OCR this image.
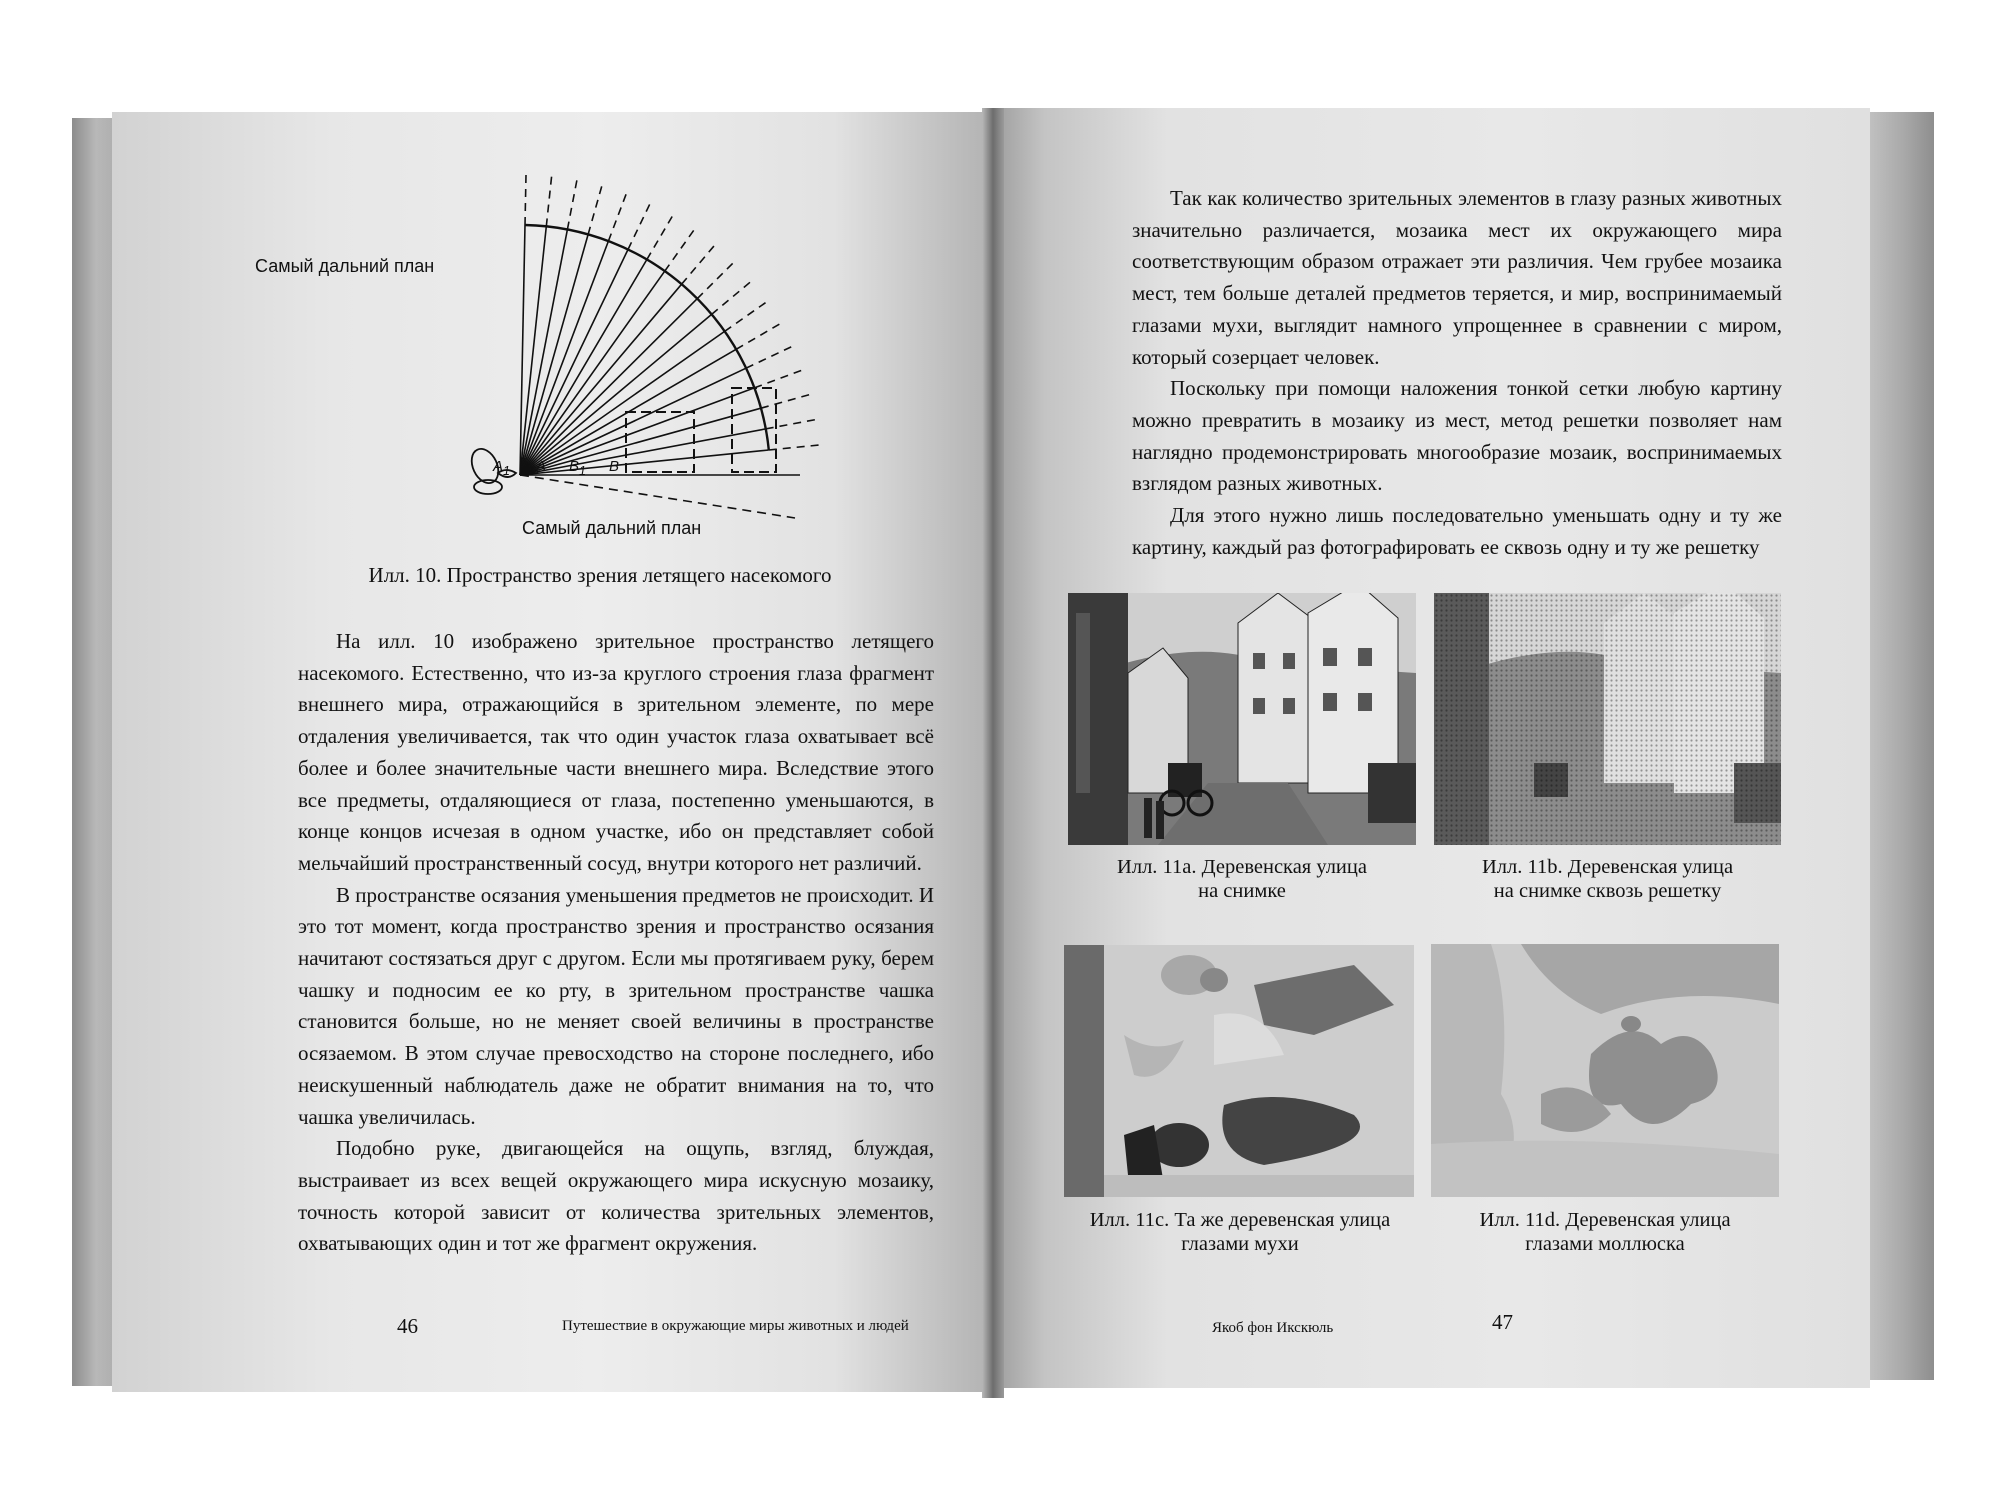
$A_1$ A $B_1$ B
Самый дальний план
Самый дальний план
Илл. 10. Пространство зрения летящего насекомого

На илл. 10 изображено зрительное пространство летящего насекомого. Естественно, что из-за круглого строения глаза фрагмент внешнего мира, отражающийся в зрительном элементе, по мере отдаления увеличивается, так что один участок глаза охватывает всё более и более значительные части внешнего мира. Вследствие этого все предметы, отдаляющиеся от глаза, постепенно уменьшаются, в конце концов исчезая в одном участке, ибо он представляет собой мельчайший пространственный сосуд, внутри которого нет различий.

В пространстве осязания уменьшения предметов не происходит. И это тот момент, когда пространство зрения и пространство осязания начитают состязаться друг с другом. Если мы протягиваем руку, берем чашку и подносим ее ко рту, в зрительном пространстве чашка становится больше, но не меняет своей величины в пространстве осязаемом. В этом случае превосходство на стороне последнего, ибо неискушенный наблюдатель даже не обратит внимания на то, что чашка увеличилась.

Подобно руке, двигающейся на ощупь, взгляд, блуждая, выстраивает из всех вещей окружающего мира искусную мозаику, точность которой зависит от количества зрительных элементов, охватывающих один и тот же фрагмент окружения.

46	Путешествие в окружающие миры животных и людей

Так как количество зрительных элементов в глазу разных животных значительно различается, мозаика мест их окружающего мира соответствующим образом отражает эти различия. Чем грубее мозаика мест, тем больше деталей предметов теряется, и мир, воспринимаемый глазами мухи, выглядит намного упрощеннее в сравнении с миром, который созерцает человек.

Поскольку при помощи наложения тонкой сетки любую картину можно превратить в мозаику из мест, метод решетки позволяет нам наглядно продемонстрировать многообразие мозаик, воспринимаемых взглядом разных животных.

Для этого нужно лишь последовательно уменьшать одну и ту же картину, каждый раз фотографировать ее сквозь одну и ту же решетку

Илл. 11a. Деревенская улица
на снимке
Илл. 11b. Деревенская улица
на снимке сквозь решетку
Илл. 11c. Та же деревенская улица
глазами мухи
Илл. 11d. Деревенская улица
глазами моллюска
Якоб фон Икскюль	47
